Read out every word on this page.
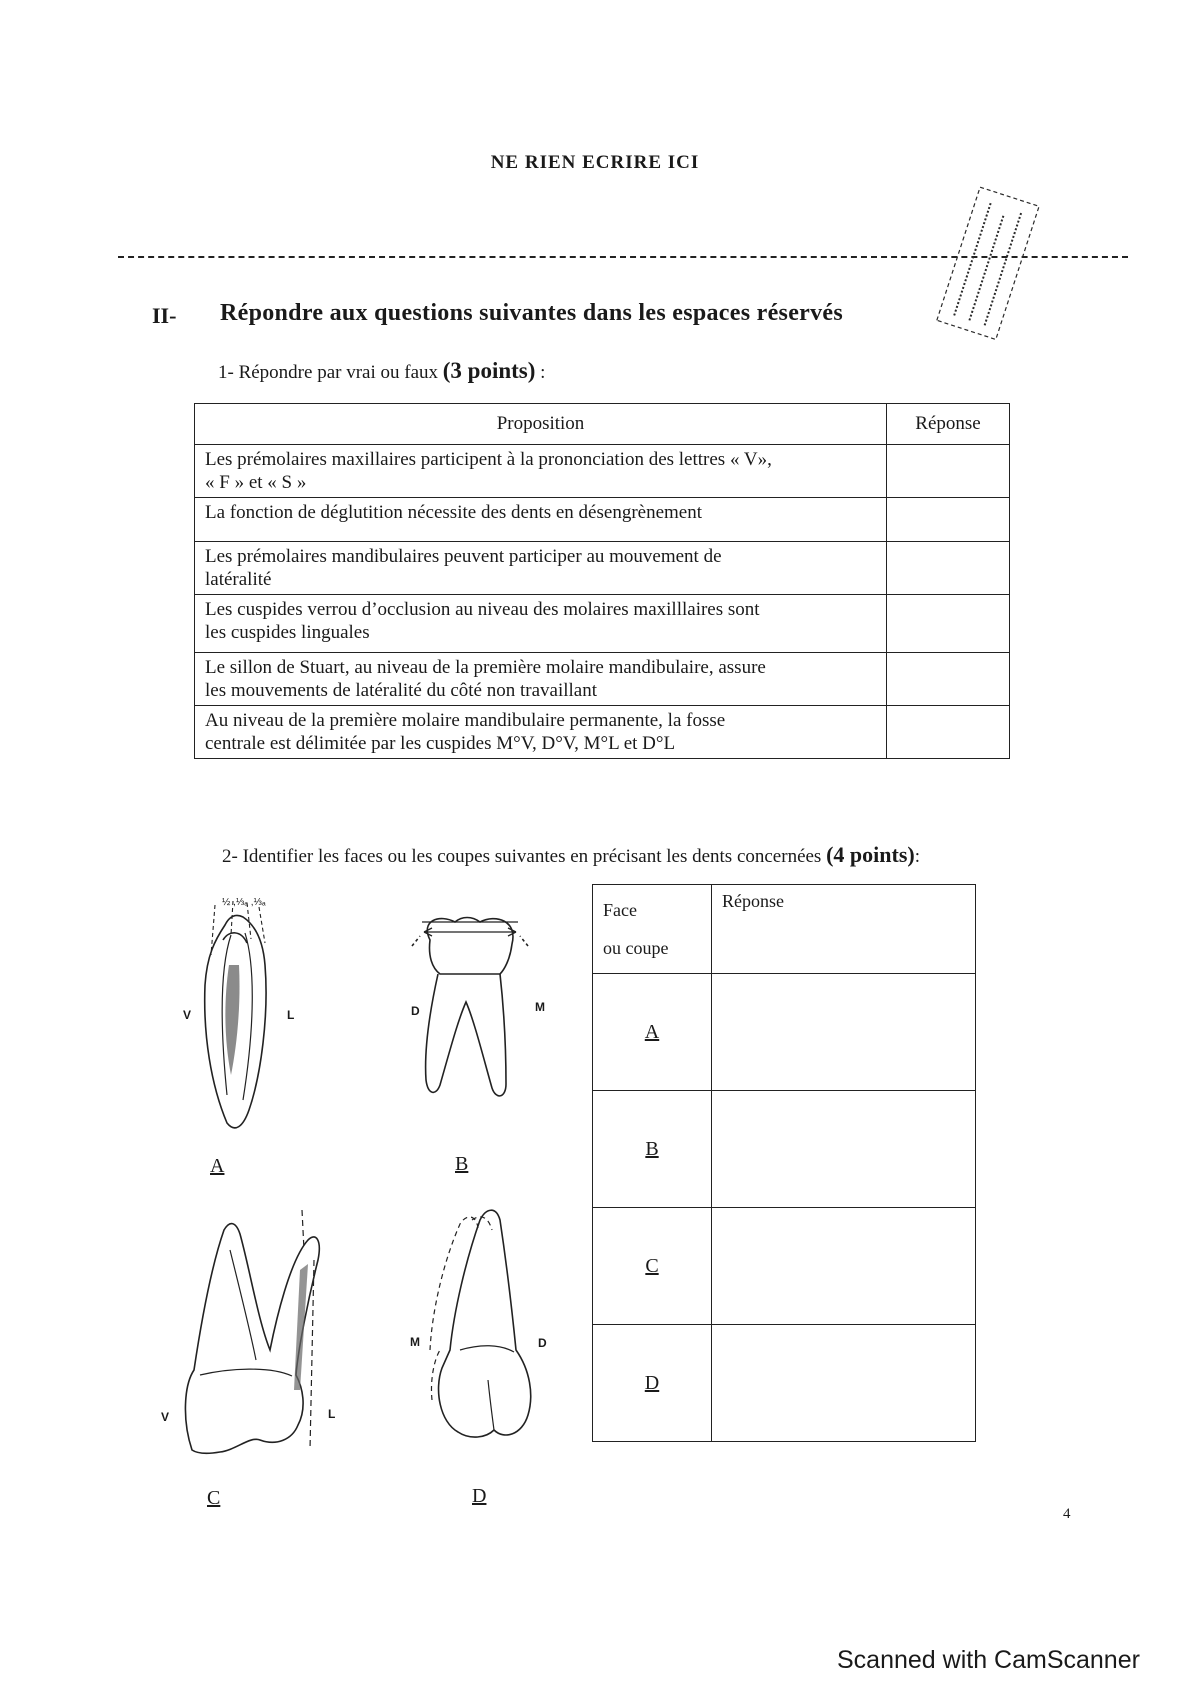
NE RIEN ECRIRE ICI
II- Répondre aux questions suivantes dans les espaces réservés
1- Répondre par vrai ou faux (3 points) :
Proposition	Réponse

Les prémolaires maxillaires participent à la prononciation des lettres « V»,
« F » et « S »	

La fonction de déglutition nécessite des dents en désengrènement	

Les prémolaires mandibulaires peuvent participer au mouvement de
latéralité	

Les cuspides verrou d’occlusion au niveau des molaires maxilllaires sont
les cuspides linguales	

Le sillon de Stuart, au niveau de la première molaire mandibulaire, assure
les mouvements de latéralité du côté non travaillant	

Au niveau de la première molaire mandibulaire permanente, la fosse
centrale est délimitée par les cuspides M°V, D°V, M°L et D°L	

2- Identifier les faces ou les coupes suivantes en précisant les dents concernées (4 points):
V	L
½ ,⅓ₐ ,⅓ₐ
A
D	M
B
V	L
C
M	D
D
Face
ou coupe	Réponse
A	
B	
C	
D	
4
Scanned with CamScanner
